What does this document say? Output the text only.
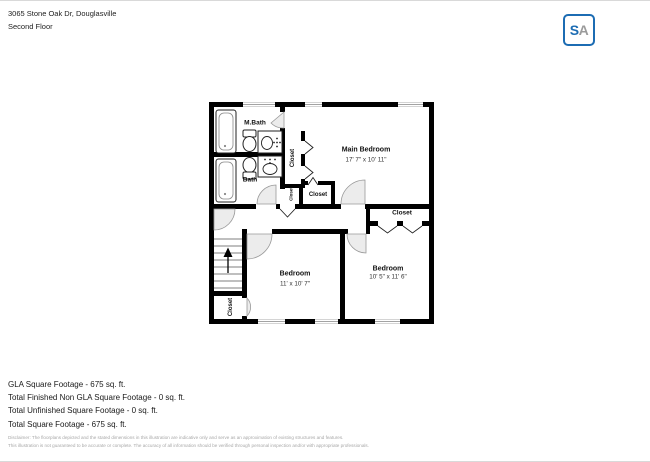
3065 Stone Oak Dr, Douglasville
Second Floor	S A
M.Bath
Bath
Closet
Closet	Closet
Main Bedroom
17' 7" x 10' 11"
Closet
Bedroom
11' x 10' 7"
Bedroom
10' 5" x 11' 6"
Closet
GLA Square Footage - 675 sq. ft.
Total Finished Non GLA Square Footage - 0 sq. ft.
Total Unfinished Square Footage - 0 sq. ft.
Total Square Footage - 675 sq. ft.
Disclaimer: The floorplans depicted and the stated dimensions in this illustration are indicative only and serve as an approximation of existing structures and features.
This illustration is not guaranteed to be accurate or complete. The accuracy of all information should be verified through personal inspection and/or with appropriate professionals.
